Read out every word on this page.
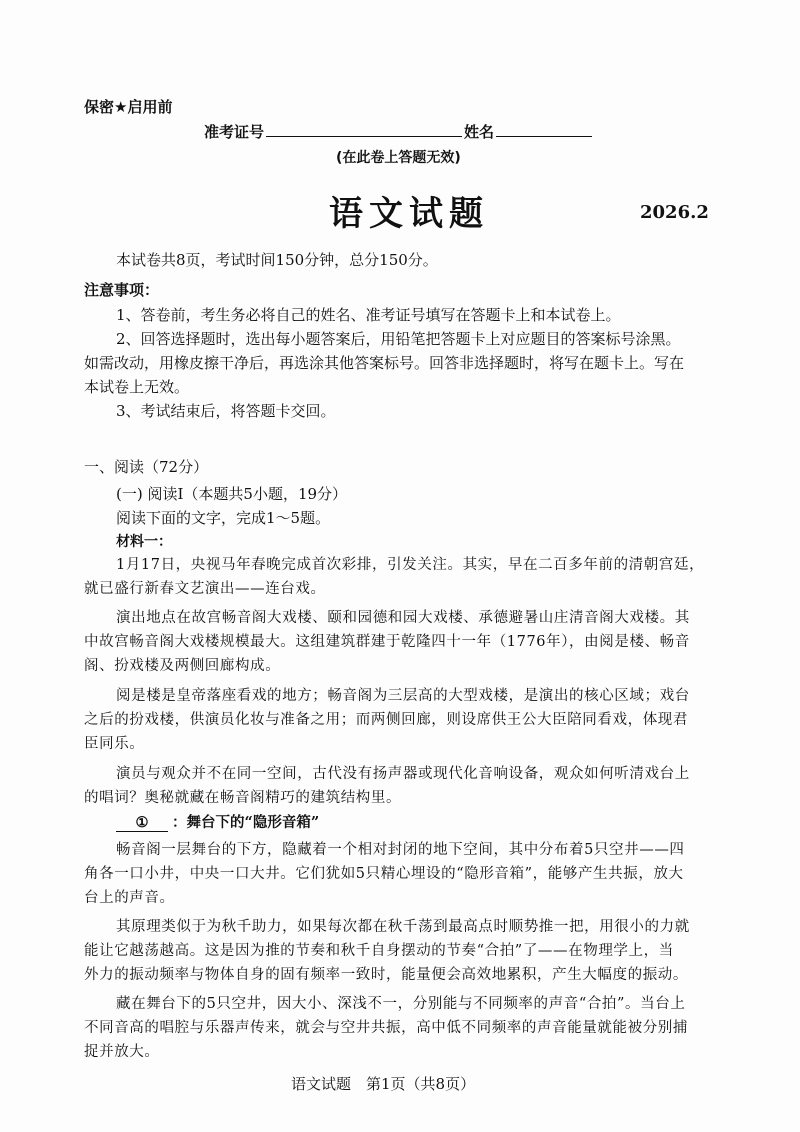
保密★启用前
准考证号	姓名
(在此卷上答题无效)
语文试题	2026.2
本试卷共8页，考试时间150分钟，总分150分。
注意事项：
1、答卷前，考生务必将自己的姓名、准考证号填写在答题卡上和本试卷上。
2、回答选择题时，选出每小题答案后，用铅笔把答题卡上对应题目的答案标号涂黑。
如需改动，用橡皮擦干净后，再选涂其他答案标号。回答非选择题时，将写在题卡上。写在
本试卷上无效。
3、考试结束后，将答题卡交回。
一、阅读（72分）
(一) 阅读I（本题共5小题，19分）
阅读下面的文字，完成1～5题。
材料一：
1月17日，央视马年春晚完成首次彩排，引发关注。其实，早在二百多年前的清朝宫廷，
就已盛行新春文艺演出——连台戏。
演出地点在故宫畅音阁大戏楼、颐和园德和园大戏楼、承德避暑山庄清音阁大戏楼。其
中故宫畅音阁大戏楼规模最大。这组建筑群建于乾隆四十一年（1776年），由阅是楼、畅音
阁、扮戏楼及两侧回廊构成。
阅是楼是皇帝落座看戏的地方；畅音阁为三层高的大型戏楼，是演出的核心区域；戏台
之后的扮戏楼，供演员化妆与准备之用；而两侧回廊，则设席供王公大臣陪同看戏，体现君
臣同乐。
演员与观众并不在同一空间，古代没有扬声器或现代化音响设备，观众如何听清戏台上
的唱词？奥秘就藏在畅音阁精巧的建筑结构里。
① ：舞台下的“隐形音箱”
畅音阁一层舞台的下方，隐藏着一个相对封闭的地下空间，其中分布着5只空井——四
角各一口小井，中央一口大井。它们犹如5只精心埋设的“隐形音箱”，能够产生共振，放大
台上的声音。
其原理类似于为秋千助力，如果每次都在秋千荡到最高点时顺势推一把，用很小的力就
能让它越荡越高。这是因为推的节奏和秋千自身摆动的节奏“合拍”了——在物理学上，当
外力的振动频率与物体自身的固有频率一致时，能量便会高效地累积，产生大幅度的振动。
藏在舞台下的5只空井，因大小、深浅不一，分别能与不同频率的声音“合拍”。当台上
不同音高的唱腔与乐器声传来，就会与空井共振，高中低不同频率的声音能量就能被分别捕
捉并放大。
语文试题　第1页（共8页）
